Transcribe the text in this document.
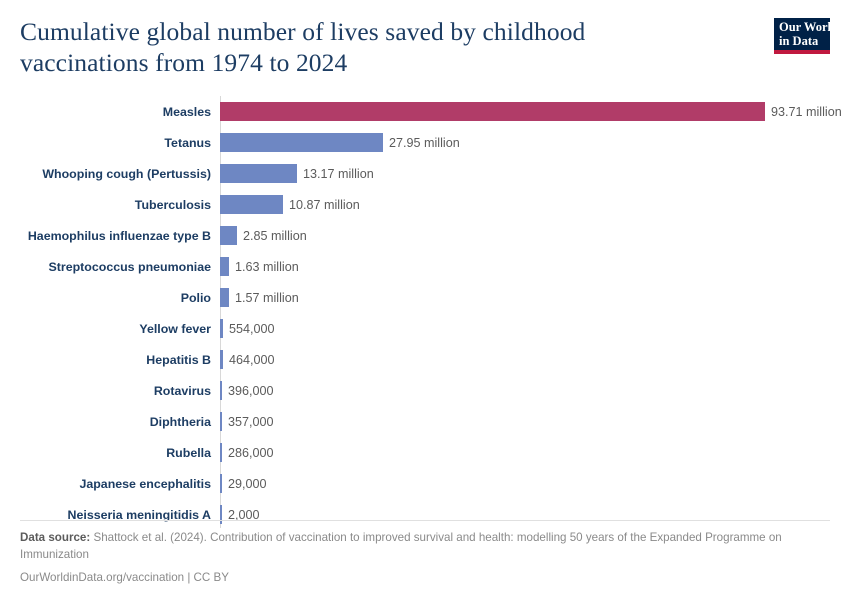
Cumulative global number of lives saved by childhood vaccinations from 1974 to 2024
Our World
in Data
Measles	93.71 million
Tetanus	27.95 million
Whooping cough (Pertussis)	13.17 million
Tuberculosis	10.87 million
Haemophilus influenzae type B	2.85 million
Streptococcus pneumoniae	1.63 million
Polio	1.57 million
Yellow fever	554,000
Hepatitis B	464,000
Rotavirus	396,000
Diphtheria	357,000
Rubella	286,000
Japanese encephalitis	29,000
Neisseria meningitidis A	2,000
Data source: Shattock et al. (2024). Contribution of vaccination to improved survival and health: modelling 50 years of the Expanded Programme on Immunization
OurWorldinData.org/vaccination | CC BY
